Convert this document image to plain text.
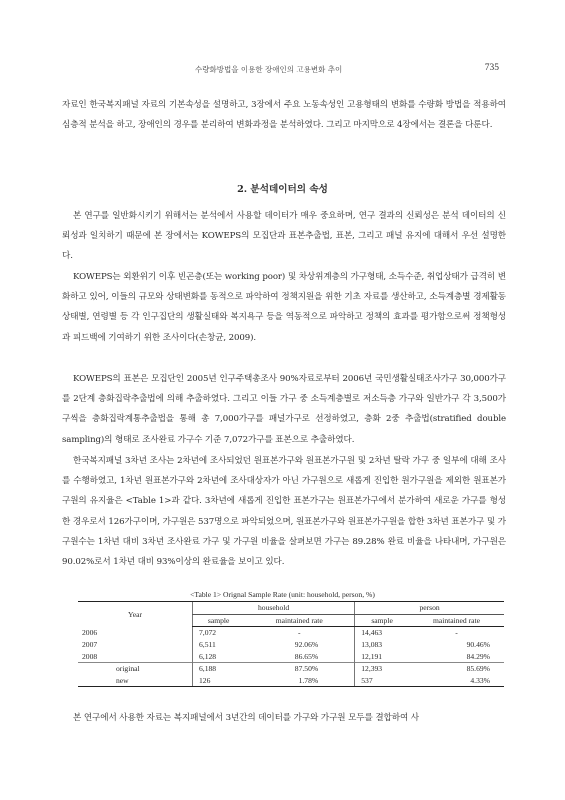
수량화방법을 이용한 장애인의 고용변화 추이	735

자료인 한국복지패널 자료의 기본속성을 설명하고, 3장에서 주요 노동속성인 고용형태의 변화를 수량화 방법을 적용하여 심층적 분석을 하고, 장애인의 경우를 분리하여 변화과정을 분석하였다. 그리고 마지막으로 4장에서는 결론을 다룬다.

2. 분석데이터의 속성

본 연구를 일반화시키기 위해서는 분석에서 사용할 데이터가 매우 중요하며, 연구 결과의 신뢰성은 분석 데이터의 신뢰성과 일치하기 때문에 본 장에서는 KOWEPS의 모집단과 표본추출법, 표본, 그리고 패널 유지에 대해서 우선 설명한다.

KOWEPS는 외환위기 이후 빈곤층(또는 working poor) 및 차상위계층의 가구형태, 소득수준, 취업상태가 급격히 변화하고 있어, 이들의 규모와 상태변화를 동적으로 파악하여 정책지원을 위한 기초 자료를 생산하고, 소득계층별 경제활동 상태별, 연령별 등 각 인구집단의 생활실태와 복지욕구 등을 역동적으로 파악하고 정책의 효과를 평가함으로써 정책형성과 피드백에 기여하기 위한 조사이다(손창균, 2009).

KOWEPS의 표본은 모집단인 2005년 인구주택총조사 90%자료로부터 2006년 국민생활실태조사가구 30,000가구를 2단계 층화집락추출법에 의해 추출하였다. 그리고 이들 가구 중 소득계층별로 저소득층 가구와 일반가구 각 3,500가구씩을 층화집락계통추출법을 통해 총 7,000가구를 패널가구로 선정하였고, 층화 2중 추출법(stratified double sampling)의 형태로 조사완료 가구수 기준 7,072가구를 표본으로 추출하였다.

한국복지패널 3차년 조사는 2차년에 조사되었던 원표본가구와 원표본가구원 및 2차년 탈락 가구 중 일부에 대해 조사를 수행하였고, 1차년 원표본가구와 2차년에 조사대상자가 아닌 가구원으로 새롭게 진입한 원가구원을 제외한 원표본가구원의 유지율은 <Table 1>과 같다. 3차년에 새롭게 진입한 표본가구는 원표본가구에서 분가하여 새로운 가구를 형성한 경우로서 126가구이며, 가구원은 537명으로 파악되었으며, 원표본가구와 원표본가구원을 합한 3차년 표본가구 및 가구원수는 1차년 대비 3차년 조사완료 가구 및 가구원 비율을 살펴보면 가구는 89.28% 완료 비율을 나타내며, 가구원은 90.02%로서 1차년 대비 93%이상의 완료율을 보이고 있다.

<Table 1> Orignal Sample Rate (unit: household, person, %)
Year	household		person	
	sample	maintained rate	sample	maintained rate
2006	7,072	-	14,463	-
2007	6,511	92.06%	13,083	90.46%
2008	6,128	86.65%	12,191	84.29%
original	6,188	87.50%	12,393	85.69%
new	126	1.78%	537	4.33%

본 연구에서 사용한 자료는 복지패널에서 3년간의 데이터를 가구와 가구원 모두를 결합하여 사
